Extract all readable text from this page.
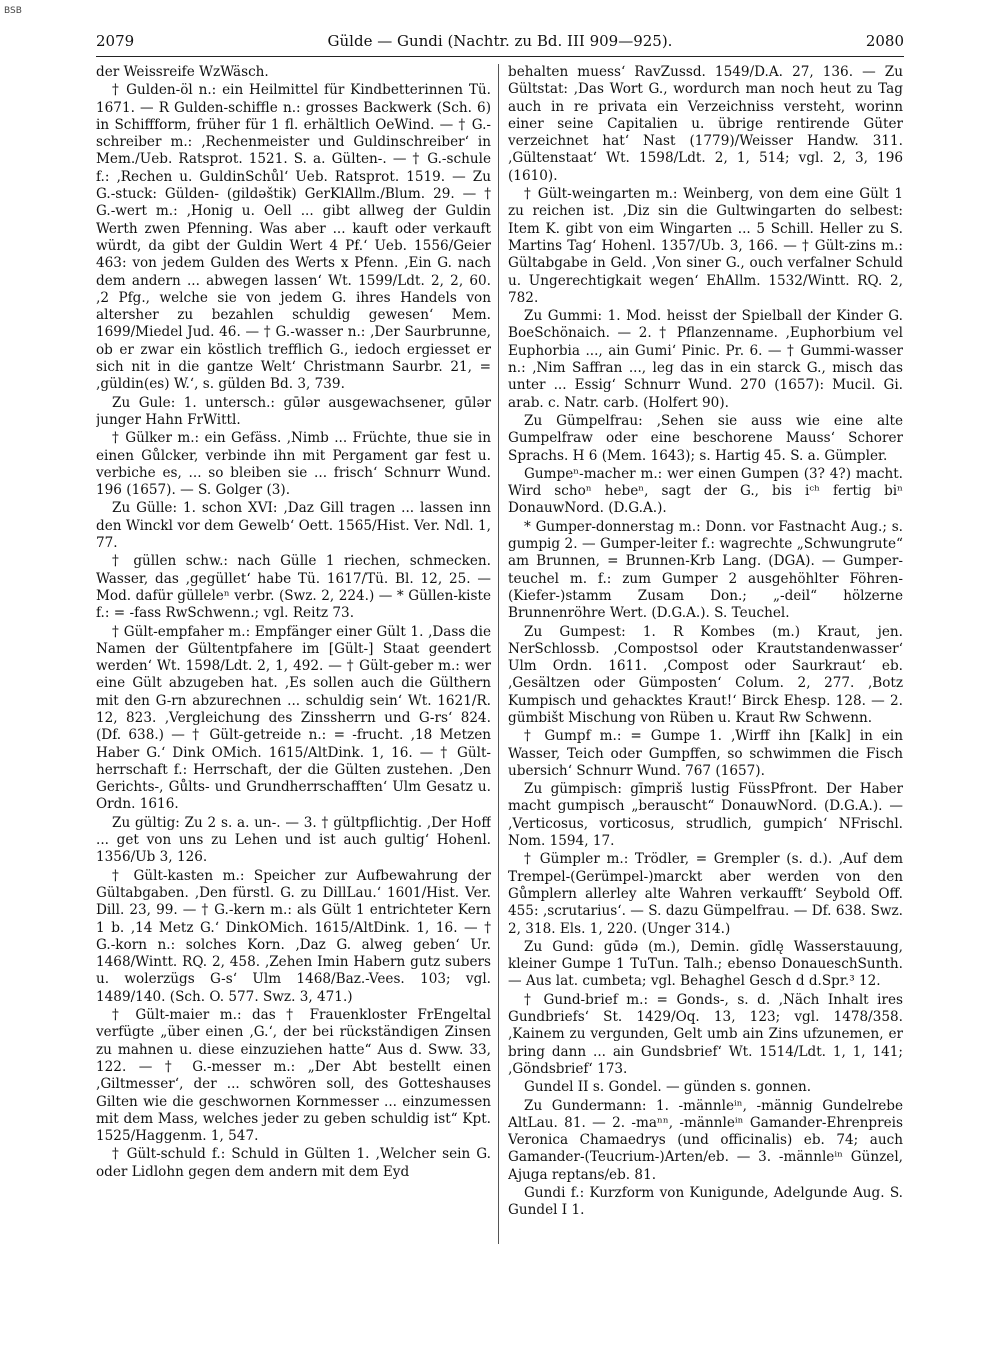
BSB
2079	Gülde — Gundi (Nachtr. zu Bd. III 909—925).	2080

der Weissreife WzWäsch.

† Gulden-öl n.: ein Heilmittel für Kindbetterinnen Tü. 1671. — R Gulden-schiffle n.: grosses Backwerk (Sch. 6) in Schiffform, früher für 1 fl. erhältlich OeWind. — † G.-schreiber m.: ‚Rechenmeister und Guldinschreiber‘ in Mem./Ueb. Ratsprot. 1521. S. a. Gülten-. — † G.-schule f.: ‚Rechen u. GuldinSchůl‘ Ueb. Ratsprot. 1519. — Zu G.-stuck: Gülden- (gildəštik) GerKlAllm./Blum. 29. — † G.-wert m.: ‚Honig u. Oell ... gibt allweg der Guldin Werth zwen Pfenning. Was aber ... kauft oder verkauft würdt, da gibt der Guldin Wert 4 Pf.‘ Ueb. 1556/Geier 463: von jedem Gulden des Werts x Pfenn. ‚Ein G. nach dem andern ... abwegen lassen‘ Wt. 1599/Ldt. 2, 2, 60. ‚2 Pfg., welche sie von jedem G. ihres Handels von altersher zu bezahlen schuldig gewesen‘ Mem. 1699/Miedel Jud. 46. — † G.-wasser n.: ‚Der Saurbrunne, ob er zwar ein köstlich trefflich G., iedoch ergiesset er sich nit in die gantze Welt‘ Christmann Saurbr. 21, = ‚güldin(es) W.‘, s. gülden Bd. 3, 739.

Zu Gule: 1. untersch.: gūlər ausgewachsener, gūlər junger Hahn FrWittl.

† Gülker m.: ein Gefäss. ‚Nimb ... Früchte, thue sie in einen Gůlcker, verbinde ihn mit Pergament gar fest u. verbiche es, ... so bleiben sie ... frisch‘ Schnurr Wund. 196 (1657). — S. Golger (3).

Zu Gülle: 1. schon XVI: ‚Daz Gill tragen ... lassen inn den Winckl vor dem Gewelb‘ Oett. 1565/Hist. Ver. Ndl. 1, 77.

† güllen schw.: nach Gülle 1 riechen, schmecken. Wasser, das ‚gegüllet‘ habe Tü. 1617/Tü. Bl. 12, 25. — Mod. dafür gülleleⁿ verbr. (Swz. 2, 224.) — * Güllen-kiste f.: = -fass RwSchwenn.; vgl. Reitz 73.

† Gült-empfaher m.: Empfänger einer Gült 1. ‚Dass die Namen der Gültentpfahere im [Gült-] Staat geendert werden‘ Wt. 1598/Ldt. 2, 1, 492. — † Gült-geber m.: wer eine Gült abzugeben hat. ‚Es sollen auch die Gülthern mit den G-rn abzurechnen ... schuldig sein‘ Wt. 1621/R. 12, 823. ‚Vergleichung des Zinssherrn und G-rs‘ 824. (Df. 638.) — † Gült-getreide n.: = -frucht. ‚18 Metzen Haber G.‘ Dink OMich. 1615/AltDink. 1, 16. — † Gült-herrschaft f.: Herrschaft, der die Gülten zustehen. ‚Den Gerichts-, Gůlts- und Grundherrschafften‘ Ulm Gesatz u. Ordn. 1616.

Zu gültig: Zu 2 s. a. un-. — 3. † gültpflichtig. ‚Der Hoff ... get von uns zu Lehen und ist auch gultig‘ Hohenl. 1356/Ub 3, 126.

† Gült-kasten m.: Speicher zur Aufbewahrung der Gültabgaben. ‚Den fürstl. G. zu DillLau.‘ 1601/Hist. Ver. Dill. 23, 99. — † G.-kern m.: als Gült 1 entrichteter Kern 1 b. ‚14 Metz G.‘ DinkOMich. 1615/AltDink. 1, 16. — † G.-korn n.: solches Korn. ‚Daz G. alweg geben‘ Ur. 1468/Wintt. RQ. 2, 458. ‚Zehen Imin Habern gutz subers u. wolerzügs G-s‘ Ulm 1468/Baz.-Vees. 103; vgl. 1489/140. (Sch. O. 577. Swz. 3, 471.)

† Gült-maier m.: das † Frauenkloster FrEngeltal verfügte „über einen ‚G.‘, der bei rückständigen Zinsen zu mahnen u. diese einzuziehen hatte“ Aus d. Sww. 33, 122. — † G.-messer m.: „Der Abt bestellt einen ‚Giltmesser‘, der ... schwören soll, des Gotteshauses Gilten wie die geschwornen Kornmesser ... einzumessen mit dem Mass, welches jeder zu geben schuldig ist“ Kpt. 1525/Haggenm. 1, 547.

† Gült-schuld f.: Schuld in Gülten 1. ‚Welcher sein G. oder Lidlohn gegen dem andern mit dem Eyd

behalten muess‘ RavZussd. 1549/D.A. 27, 136. — Zu Gültstat: ‚Das Wort G., wordurch man noch heut zu Tag auch in re privata ein Verzeichniss versteht, worinn einer seine Capitalien u. übrige rentirende Güter verzeichnet hat‘ Nast (1779)/Weisser Handw. 311. ‚Gültenstaat‘ Wt. 1598/Ldt. 2, 1, 514; vgl. 2, 3, 196 (1610).

† Gült-weingarten m.: Weinberg, von dem eine Gült 1 zu reichen ist. ‚Diz sin die Gultwingarten do selbest: Item K. gibt von eim Wingarten ... 5 Schill. Heller zu S. Martins Tag‘ Hohenl. 1357/Ub. 3, 166. — † Gült-zins m.: Gültabgabe in Geld. ‚Von siner G., ouch verfalner Schuld u. Ungerechtigkait wegen‘ EhAllm. 1532/Wintt. RQ. 2, 782.

Zu Gummi: 1. Mod. heisst der Spielball der Kinder G. BoeSchönaich. — 2. † Pflanzenname. ‚Euphorbium vel Euphorbia ..., ain Gumi‘ Pinic. Pr. 6. — † Gummi-wasser n.: ‚Nim Saffran ..., leg das in ein starck G., misch das unter ... Essig‘ Schnurr Wund. 270 (1657): Mucil. Gi. arab. c. Natr. carb. (Holfert 90).

Zu Gümpelfrau: ‚Sehen sie auss wie eine alte Gumpelfraw oder eine beschorene Mauss‘ Schorer Sprachs. H 6 (Mem. 1643); s. Hartig 45. S. a. Gümpler.

Gumpeⁿ-macher m.: wer einen Gumpen (3? 4?) macht. Wird schoⁿ hebeⁿ, sagt der G., bis iᶜʰ fertig biⁿ DonauwNord. (D.G.A.).

* Gumper-donnerstag m.: Donn. vor Fastnacht Aug.; s. gumpig 2. — Gumper-leiter f.: wagrechte „Schwungrute“ am Brunnen, = Brunnen-Krb Lang. (DGA). — Gumper-teuchel m. f.: zum Gumper 2 ausgehöhlter Föhren-(Kiefer-)stamm Zusam Don.; „-deil“ hölzerne Brunnenröhre Wert. (D.G.A.). S. Teuchel.

Zu Gumpest: 1. R Kombes (m.) Kraut, jen. NerSchlossb. ‚Compostsol oder Krautstandenwasser‘ Ulm Ordn. 1611. ‚Compost oder Saurkraut‘ eb. ‚Gesältzen oder Gümposten‘ Colum. 2, 277. ‚Botz Kumpisch und gehacktes Kraut!‘ Birck Ehesp. 128. — 2. gümbišt Mischung von Rüben u. Kraut Rw Schwenn.

† Gumpf m.: = Gumpe 1. ‚Wirff ihn [Kalk] in ein Wasser, Teich oder Gumpffen, so schwimmen die Fisch ubersich‘ Schnurr Wund. 767 (1657).

Zu gümpisch: gīmpriš lustig FüssPfront. Der Haber macht gumpisch „berauscht“ DonauwNord. (D.G.A.). — ‚Verticosus, vorticosus, strudlich, gumpich‘ NFrischl. Nom. 1594, 17.

† Gümpler m.: Trödler, = Grempler (s. d.). ‚Auf dem Trempel-(Gerümpel-)marckt aber werden von den Gůmplern allerley alte Wahren verkaufft‘ Seybold Off. 455: ‚scrutarius‘. — S. dazu Gümpelfrau. — Df. 638. Swz. 2, 318. Els. 1, 220. (Unger 314.)

Zu Gund: gūdə (m.), Demin. gīdlę Wasserstauung, kleiner Gumpe 1 TuTun. Talh.; ebenso DonaueschSunth. — Aus lat. cumbeta; vgl. Behaghel Gesch d d.Spr.³ 12.

† Gund-brief m.: = Gonds-, s. d. ‚Näch Inhalt ires Gundbriefs‘ St. 1429/Oq. 13, 123; vgl. 1478/358. ‚Kainem zu vergunden, Gelt umb ain Zins ufzunemen, er bring dann ... ain Gundsbrief‘ Wt. 1514/Ldt. 1, 1, 141; ‚Göndsbrief‘ 173.

Gundel II s. Gondel. — günden s. gonnen.

Zu Gundermann: 1. -männleⁱⁿ, -männig Gundelrebe AltLau. 81. — 2. -maⁿⁿ, -männleⁱⁿ Gamander-Ehrenpreis Veronica Chamaedrys (und officinalis) eb. 74; auch Gamander-(Teucrium-)Arten/eb. — 3. -männleⁱⁿ Günzel, Ajuga reptans/eb. 81.

Gundi f.: Kurzform von Kunigunde, Adelgunde Aug. S. Gundel I 1.
